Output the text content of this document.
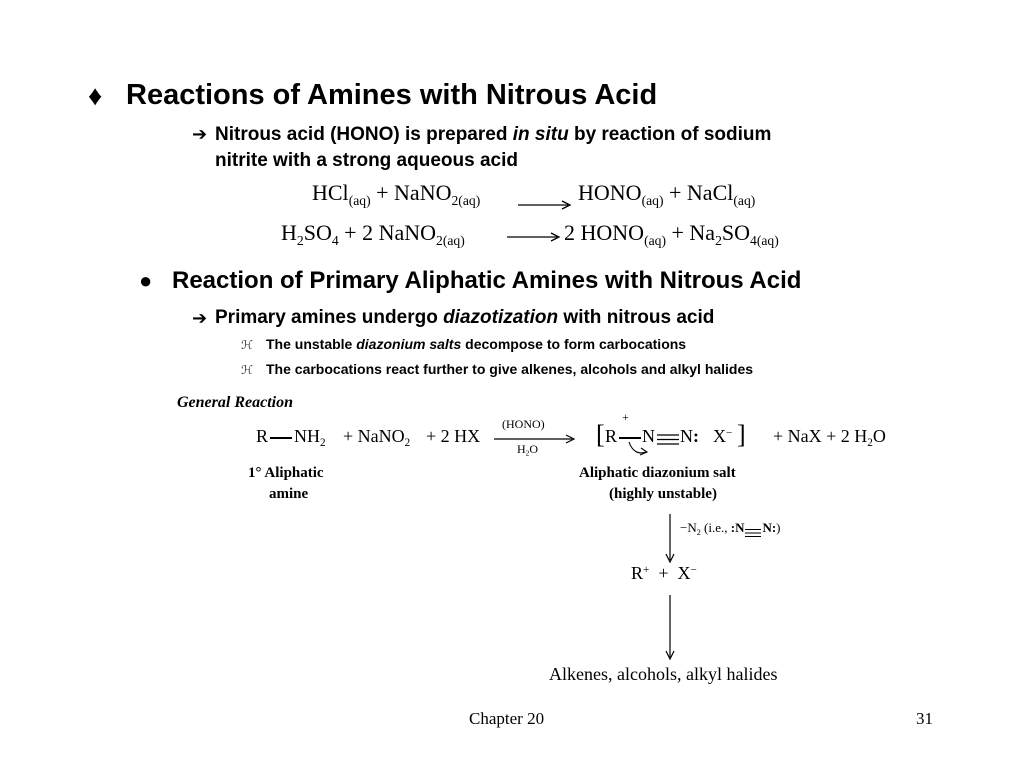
♦ Reactions of Amines with Nitrous Acid
➔ Nitrous acid (HONO) is prepared in situ by reaction of sodium
nitrite with a strong aqueous acid
HCl$_{(aq)}$ + NaNO$_{2(aq)}$	$HONO_{(aq)}$ + NaCl$_{(aq)}$
$H_2SO_4 + 2$ NaNO$_{2(aq)}$	2 $HONO_{(aq)} + Na_2SO_{4(aq)}$
● Reaction of Primary Aliphatic Amines with Nitrous Acid
➔ Primary amines undergo diazotization with nitrous acid
ℋ The unstable diazonium salts decompose to form carbocations
ℋ The carbocations react further to give alkenes, alcohols and alkyl halides
General Reaction
R $NH_2$ + NaNO$_2$ + 2 HX
(HONO)
$H_2O$ [ R
+
N N: X− ] + NaX + 2 $H_2O$
1° Aliphatic
amine
Aliphatic diazonium salt
(highly unstable)
$-N_2$ (i.e., :N N:)
R+ + X−
Alkenes, alcohols, alkyl halides
Chapter 20	31
